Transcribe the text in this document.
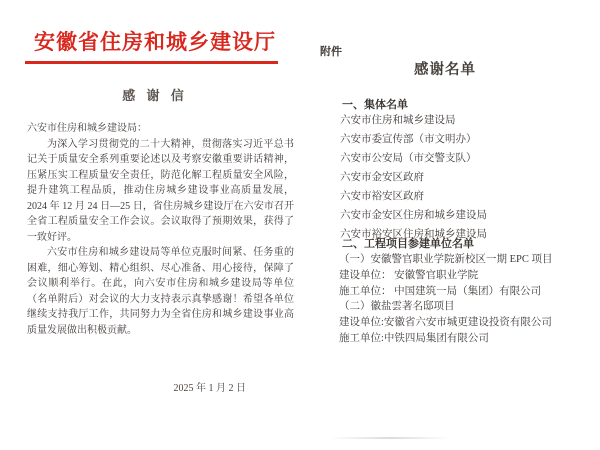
安徽省住房和城乡建设厅
感 谢 信

六安市住房和城乡建设局：

为深入学习贯彻党的二十大精神，贯彻落实习近平总书记关于质量安全系列重要论述以及考察安徽重要讲话精神，压紧压实工程质量安全责任，防范化解工程质量安全风险，提升建筑工程品质，推动住房城乡建设事业高质量发展，2024 年 12 月 24 日—25 日，省住房城乡建设厅在六安市召开全省工程质量安全工作会议。会议取得了预期效果，获得了一致好评。

六安市住房和城乡建设局等单位克服时间紧、任务重的困难，细心筹划、精心组织、尽心准备、用心接待，保障了会议顺利举行。在此，向六安市住房和城乡建设局等单位（名单附后）对会议的大力支持表示真挚感谢！希望各单位继续支持我厅工作，共同努力为全省住房和城乡建设事业高质量发展做出积极贡献。

2025 年 1 月 2 日
附件
感谢名单
一、集体名单
六安市住房和城乡建设局
六安市委宣传部（市文明办）
六安市公安局（市交警支队）
六安市金安区政府
六安市裕安区政府
六安市金安区住房和城乡建设局
六安市裕安区住房和城乡建设局
二、工程项目参建单位名单
（一）安徽警官职业学院新校区一期 EPC 项目
建设单位： 安徽警官职业学院
施工单位： 中国建筑一局（集团）有限公司
（二）徽盐雲著名邸项目
建设单位:安徽省六安市城更建设投资有限公司
施工单位:中铁四局集团有限公司
